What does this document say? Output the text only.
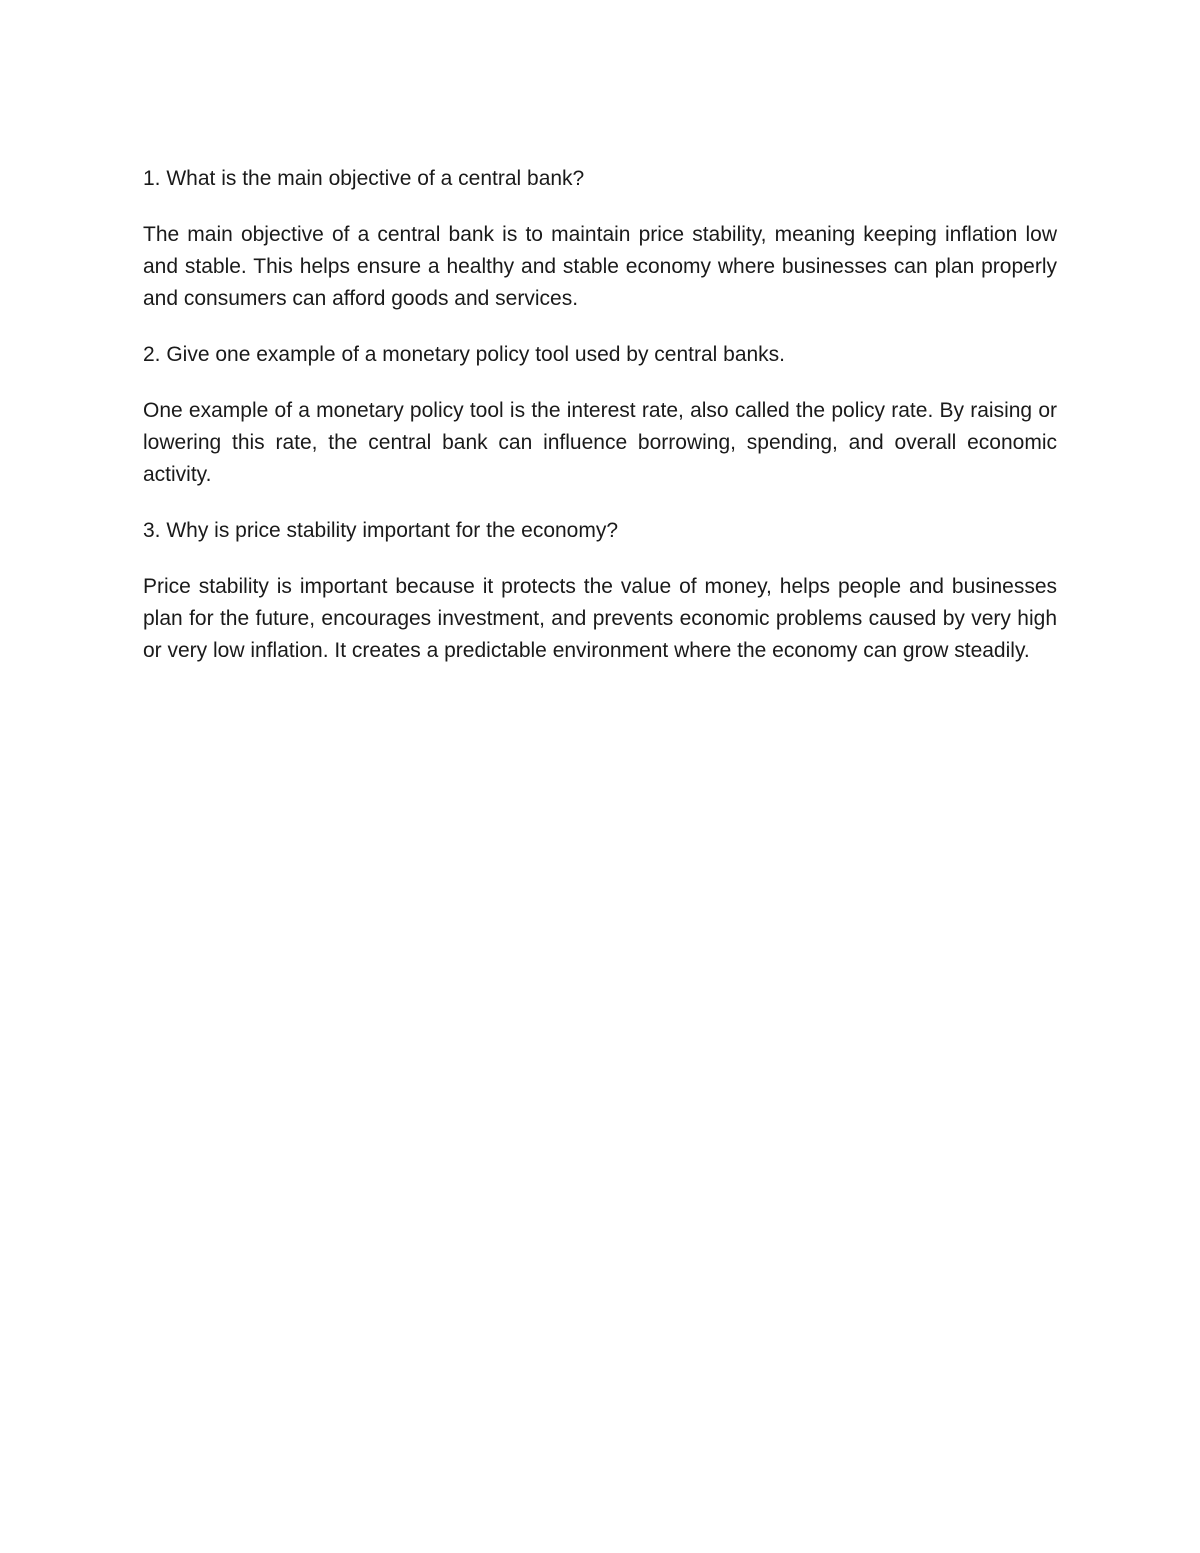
1. What is the main objective of a central bank?

The main objective of a central bank is to maintain price stability, meaning keeping inflation low and stable. This helps ensure a healthy and stable economy where businesses can plan properly and consumers can afford goods and services.

2. Give one example of a monetary policy tool used by central banks.

One example of a monetary policy tool is the interest rate, also called the policy rate. By raising or lowering this rate, the central bank can influence borrowing, spending, and overall economic activity.

3. Why is price stability important for the economy?

Price stability is important because it protects the value of money, helps people and businesses plan for the future, encourages investment, and prevents economic problems caused by very high or very low inflation. It creates a predictable environment where the economy can grow steadily.
